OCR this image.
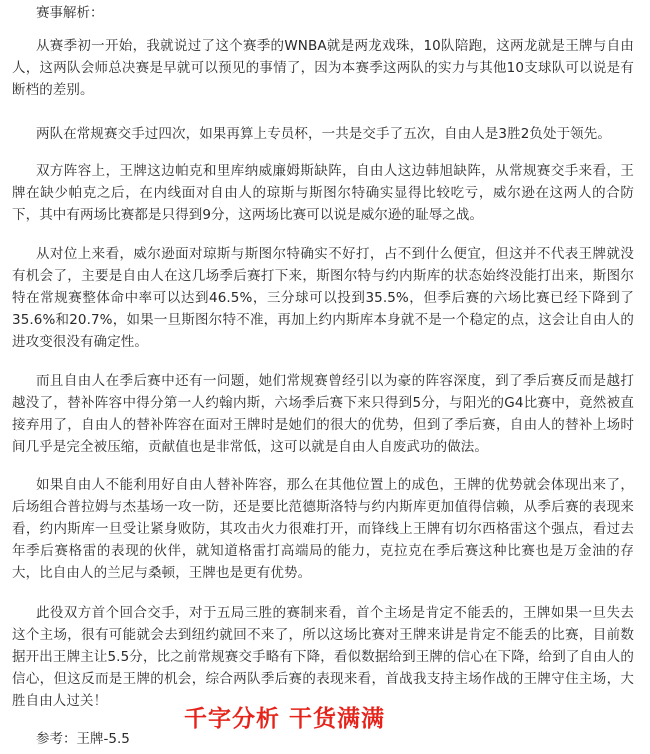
赛事解析：

从赛季初一开始，我就说过了这个赛季的WNBA就是两龙戏珠，10队陪跑，这两龙就是王牌与自由人，这两队会师总决赛是早就可以预见的事情了，因为本赛季这两队的实力与其他10支球队可以说是有断档的差别。

两队在常规赛交手过四次，如果再算上专员杯，一共是交手了五次，自由人是3胜2负处于领先。

双方阵容上，王牌这边帕克和里库纳威廉姆斯缺阵，自由人这边韩旭缺阵，从常规赛交手来看，王牌在缺少帕克之后，在内线面对自由人的琼斯与斯图尔特确实显得比较吃亏，威尔逊在这两人的合防下，其中有两场比赛都是只得到9分，这两场比赛可以说是威尔逊的耻辱之战。

从对位上来看，威尔逊面对琼斯与斯图尔特确实不好打，占不到什么便宜，但这并不代表王牌就没有机会了，主要是自由人在这几场季后赛打下来，斯图尔特与约内斯库的状态始终没能打出来，斯图尔特在常规赛整体命中率可以达到46.5%，三分球可以投到35.5%，但季后赛的六场比赛已经下降到了35.6%和20.7%，如果一旦斯图尔特不准，再加上约内斯库本身就不是一个稳定的点，这会让自由人的进攻变很没有确定性。

而且自由人在季后赛中还有一问题，她们常规赛曾经引以为豪的阵容深度，到了季后赛反而是越打越没了，替补阵容中得分第一人约翰内斯，六场季后赛下来只得到5分，与阳光的G4比赛中，竟然被直接弃用了，自由人的替补阵容在面对王牌时是她们的很大的优势，但到了季后赛，自由人的替补上场时间几乎是完全被压缩，贡献值也是非常低，这可以就是自由人自废武功的做法。

如果自由人不能利用好自由人替补阵容，那么在其他位置上的成色，王牌的优势就会体现出来了，后场组合普拉姆与杰基场一攻一防，还是要比范德斯洛特与约内斯库更加值得信赖，从季后赛的表现来看，约内斯库一旦受让紧身败防，其攻击火力很难打开，而锋线上王牌有切尔西格雷这个强点，看过去年季后赛格雷的表现的伙伴，就知道格雷打高端局的能力，克拉克在季后赛这种比赛也是万金油的存大，比自由人的兰尼与桑顿，王牌也是更有优势。

此役双方首个回合交手，对于五局三胜的赛制来看，首个主场是肯定不能丢的，王牌如果一旦失去这个主场，很有可能就会去到纽约就回不来了，所以这场比赛对王牌来讲是肯定不能丢的比赛，目前数据开出王牌主让5.5分，比之前常规赛交手略有下降，看似数据给到王牌的信心在下降，给到了自由人的信心，但这反而是王牌的机会，综合两队季后赛的表现来看，首战我支持主场作战的王牌守住主场，大胜自由人过关！

参考：王牌-5.5

千字分析 干货满满
